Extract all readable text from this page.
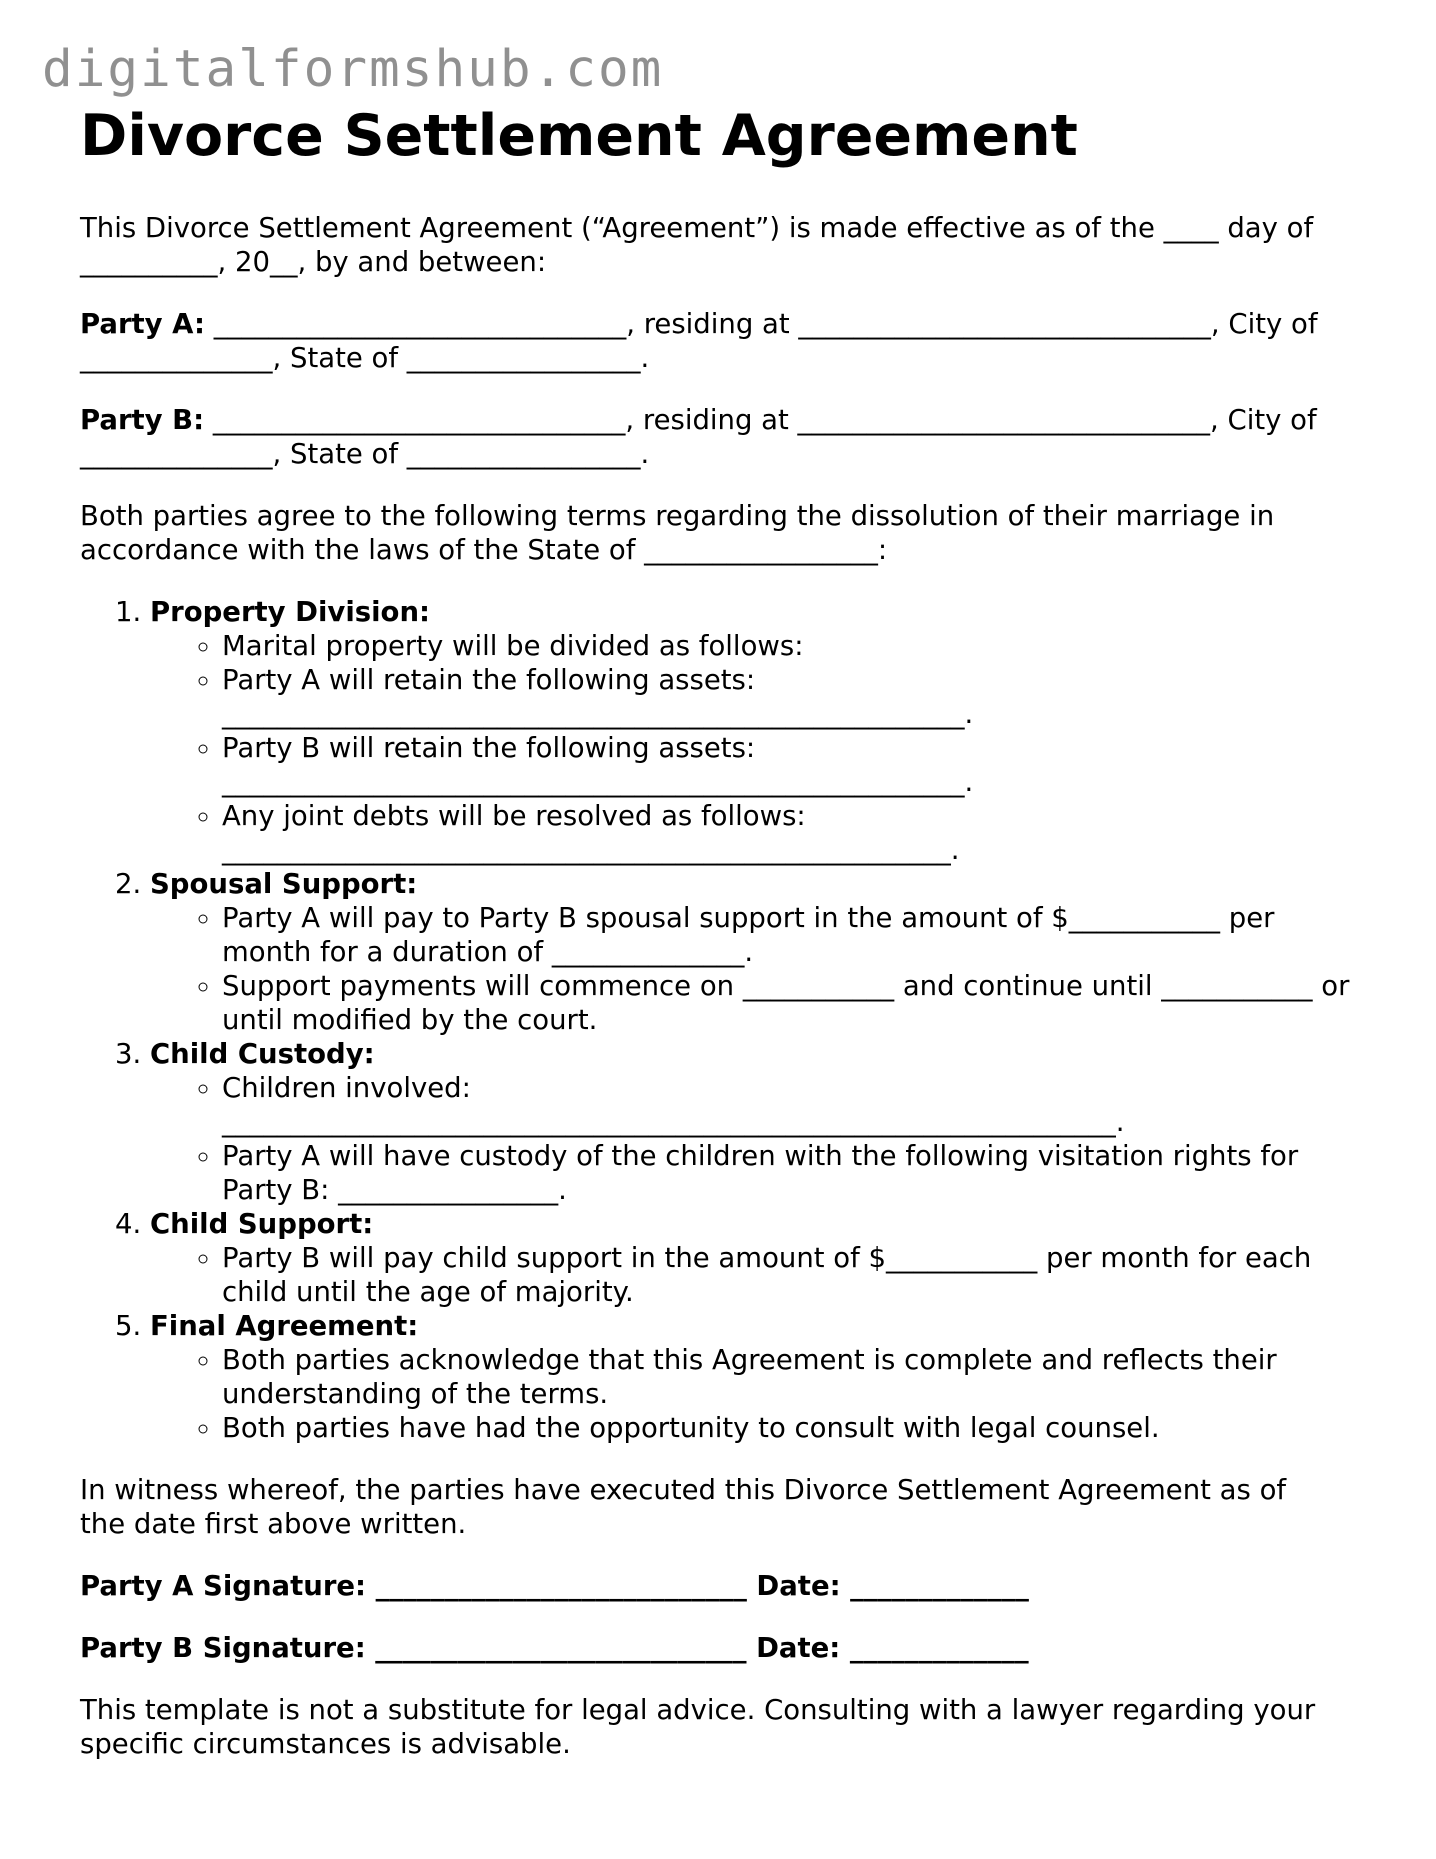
digitalformshub.com

Divorce Settlement Agreement

This Divorce Settlement Agreement (“Agreement”) is made effective as of the ____ day of
__________, 20__, by and between:

Party A: ______________________________, residing at ______________________________, City of
______________, State of _________________.

Party B: ______________________________, residing at ______________________________, City of
______________, State of _________________.

Both parties agree to the following terms regarding the dissolution of their marriage in
accordance with the laws of the State of _________________:

1. Property Division:
◦ Marital property will be divided as follows:
◦ Party A will retain the following assets:
______________________________________________________.
◦ Party B will retain the following assets:
______________________________________________________.
◦ Any joint debts will be resolved as follows:
_____________________________________________________.
2. Spousal Support:
◦ Party A will pay to Party B spousal support in the amount of $___________ per month for a duration of ______________.
◦ Support payments will commence on ___________ and continue until ___________ or until modified by the court.
3. Child Custody:
◦ Children involved:
_________________________________________________________________.
◦ Party A will have custody of the children with the following visitation rights for Party B: ________________.
4. Child Support:
◦ Party B will pay child support in the amount of $___________ per month for each child until the age of majority.
5. Final Agreement:
◦ Both parties acknowledge that this Agreement is complete and reflects their understanding of the terms.
◦ Both parties have had the opportunity to consult with legal counsel.

In witness whereof, the parties have executed this Divorce Settlement Agreement as of
the date first above written.

Party A Signature: ___________________________ Date: _____________

Party B Signature: ___________________________ Date: _____________

This template is not a substitute for legal advice. Consulting with a lawyer regarding your
specific circumstances is advisable.
